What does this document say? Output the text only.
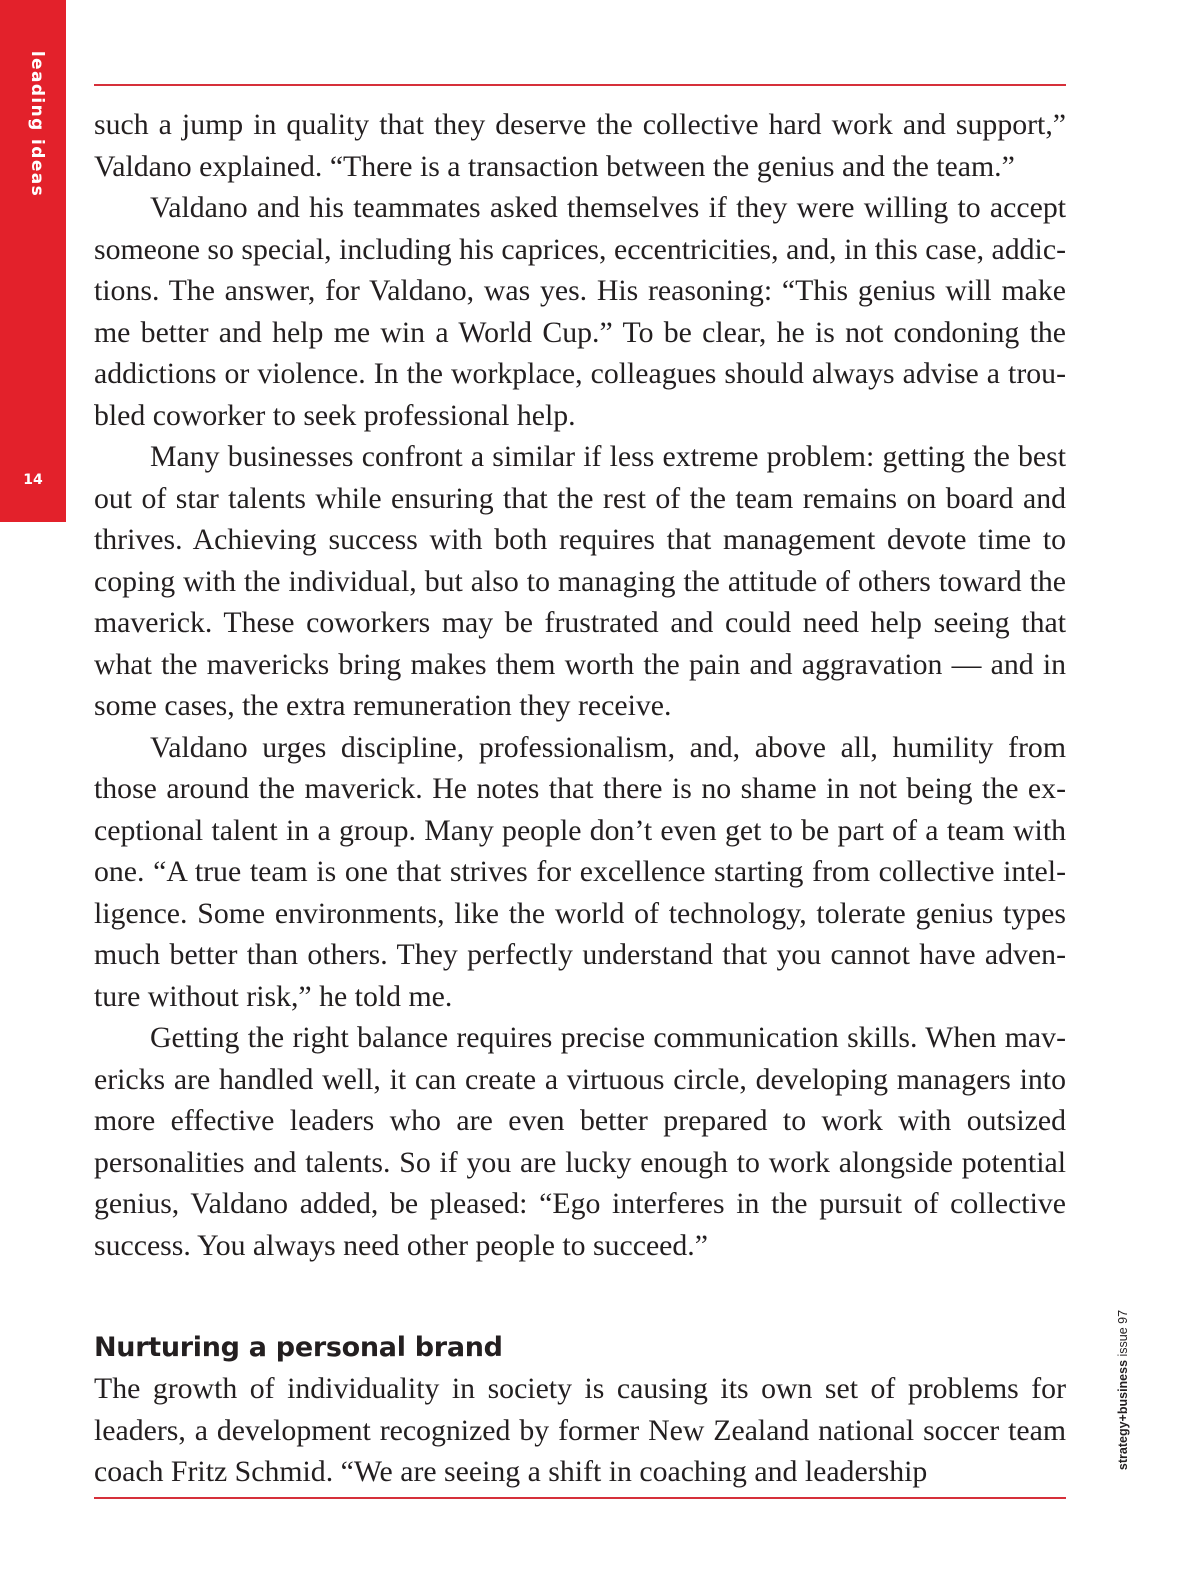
leading ideas
14

such a jump in quality that they deserve the collective hard work and support,” Valdano explained. “There is a transaction between the genius and the team.”

Valdano and his teammates asked themselves if they were willing to accept someone so special, including his caprices, eccentricities, and, in this case, addictions. The answer, for Valdano, was yes. His reasoning: “This genius will make me better and help me win a World Cup.” To be clear, he is not condoning the addictions or violence. In the workplace, colleagues should always advise a troubled coworker to seek professional help.

Many businesses confront a similar if less extreme problem: getting the best out of star talents while ensuring that the rest of the team remains on board and thrives. Achieving success with both requires that management devote time to coping with the individual, but also to managing the attitude of others toward the maverick. These coworkers may be frustrated and could need help seeing that what the mavericks bring makes them worth the pain and aggravation — and in some cases, the extra remuneration they receive.

Valdano urges discipline, professionalism, and, above all, humility from those around the maverick. He notes that there is no shame in not being the exceptional talent in a group. Many people don’t even get to be part of a team with one. “A true team is one that strives for excellence starting from collective intelligence. Some environments, like the world of technology, tolerate genius types much better than others. They perfectly understand that you cannot have adventure without risk,” he told me.

Getting the right balance requires precise communication skills. When mavericks are handled well, it can create a virtuous circle, developing managers into more effective leaders who are even better prepared to work with outsized personalities and talents. So if you are lucky enough to work alongside potential genius, Valdano added, be pleased: “Ego interferes in the pursuit of collective success. You always need other people to succeed.”

Nurturing a personal brand

The growth of individuality in society is causing its own set of problems for leaders, a development recognized by former New Zealand national soccer team coach Fritz Schmid. “We are seeing a shift in coaching and leadership

strategy+business issue 97
